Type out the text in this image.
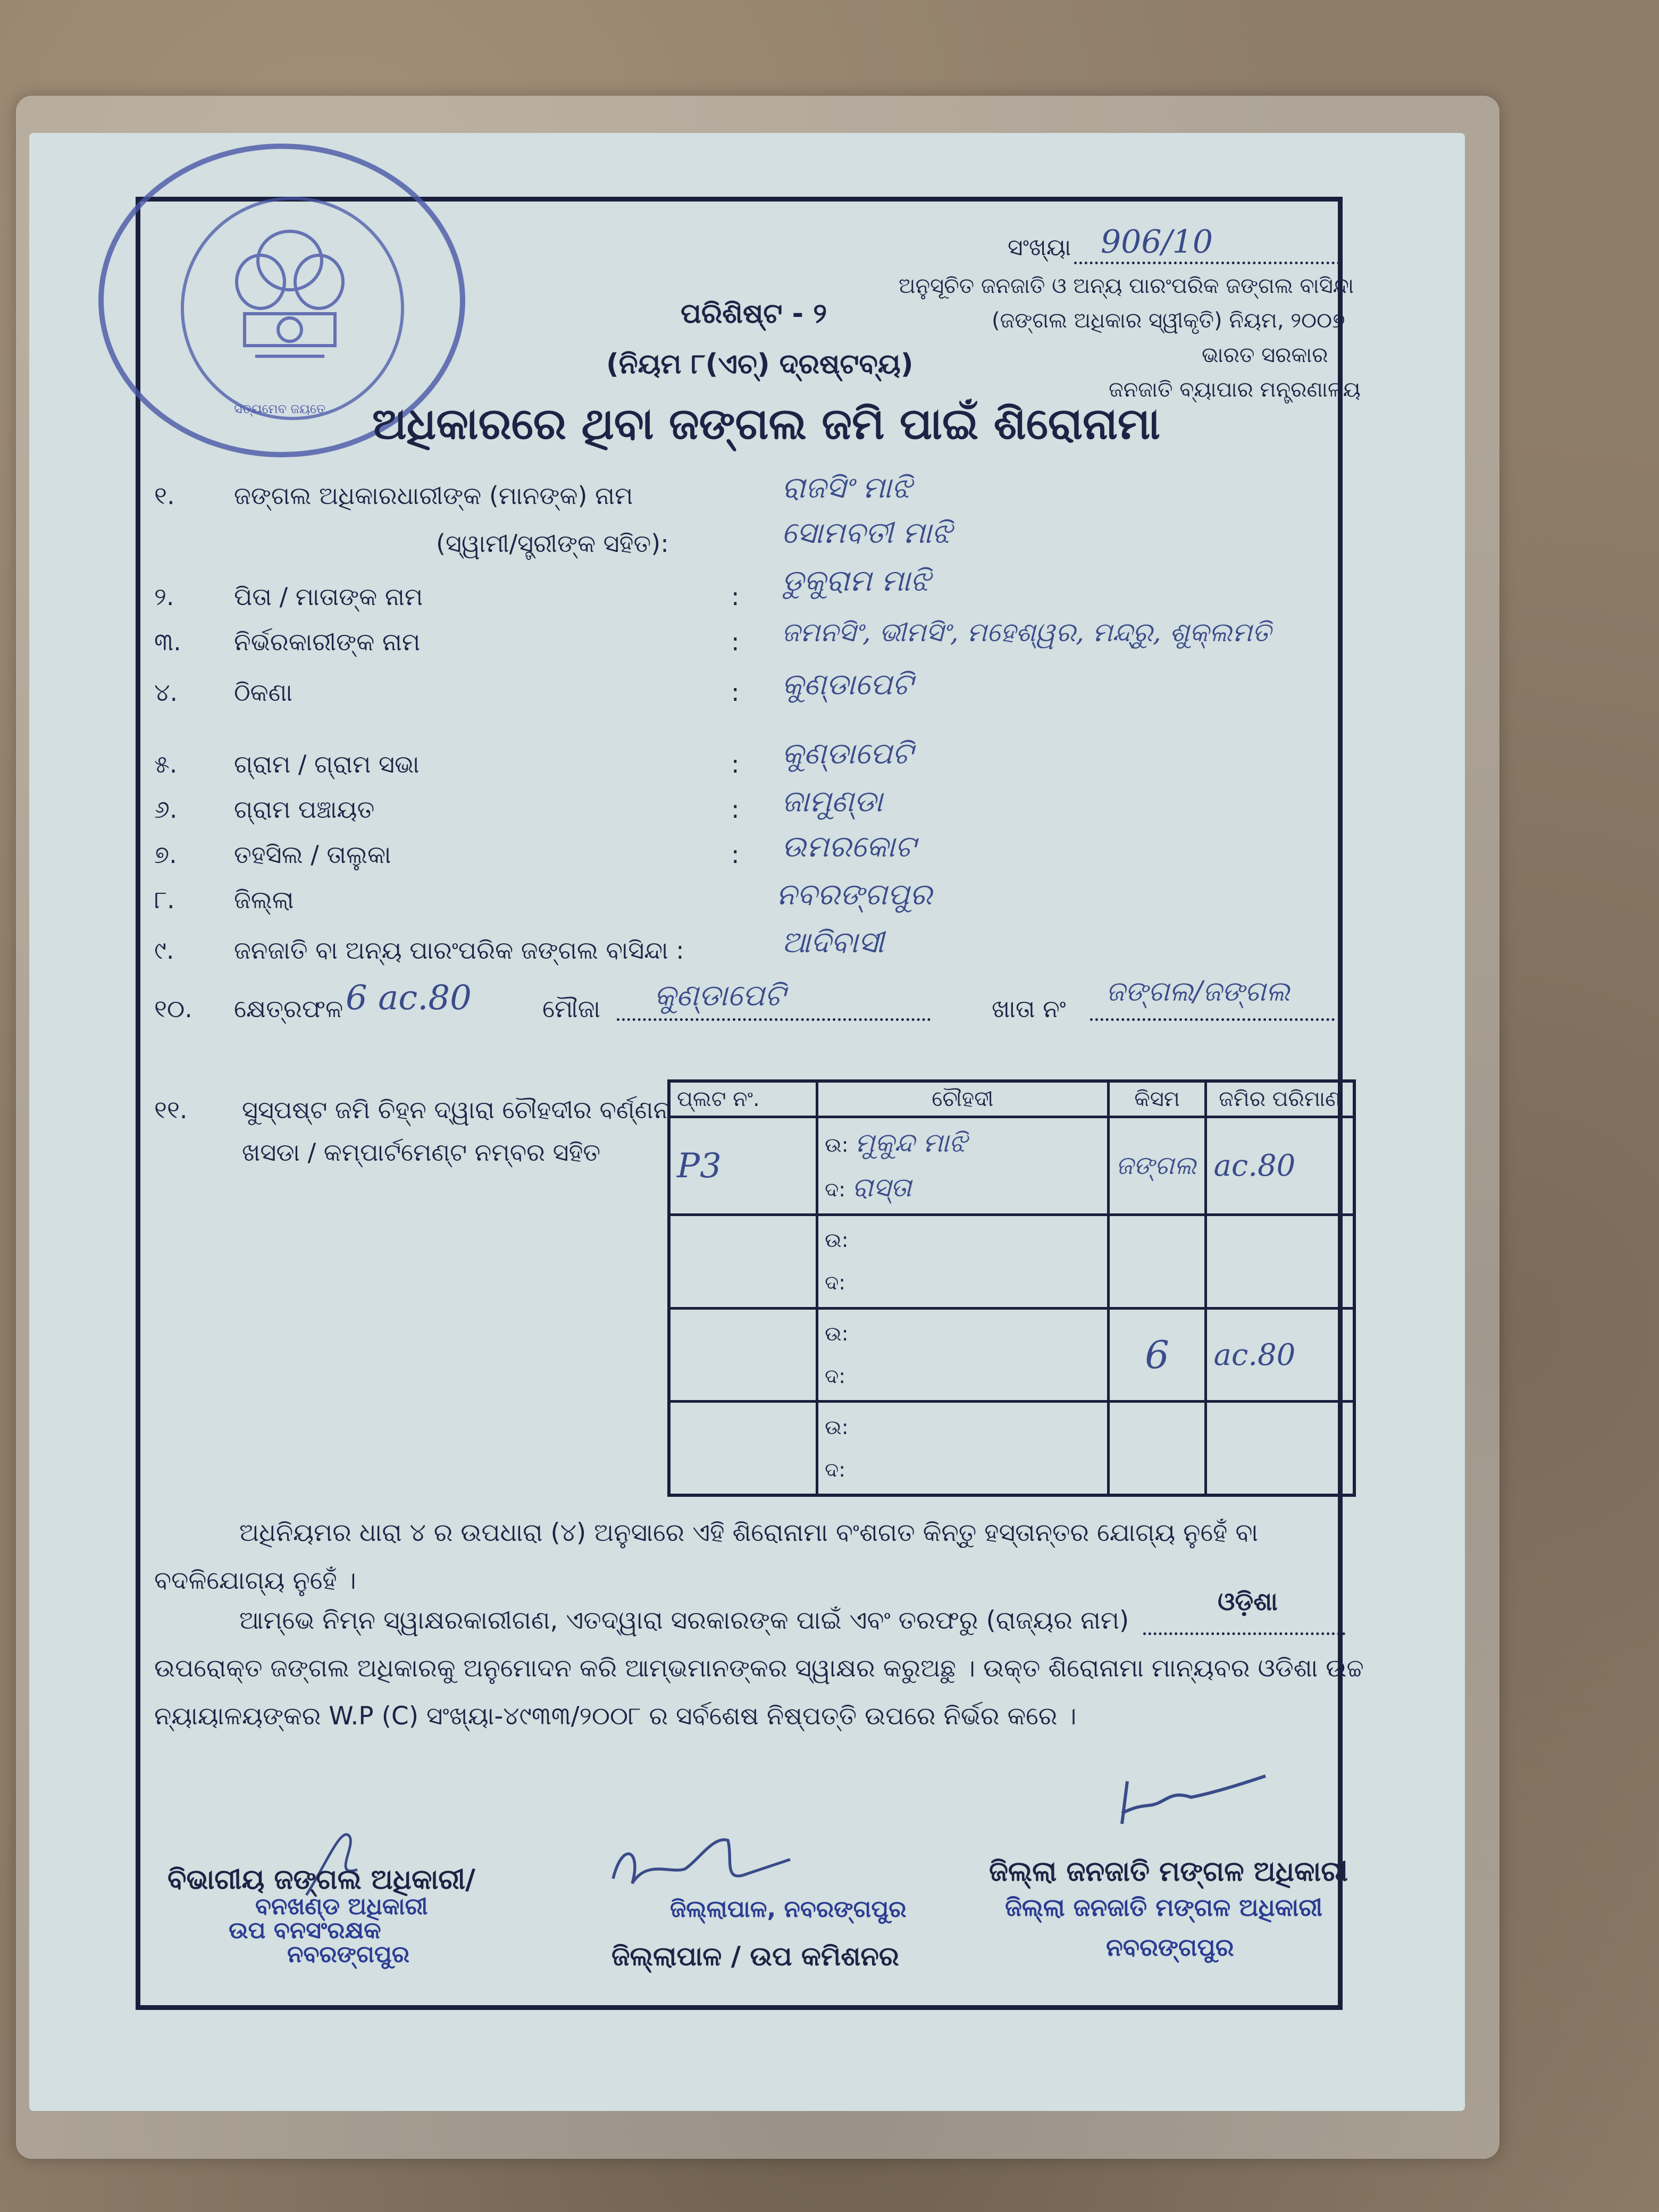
ସତ୍ୟମେବ ଜୟତେ
ସଂଖ୍ୟା 906/10
ଅନୁସୂଚିତ ଜନଜାତି ଓ ଅନ୍ୟ ପାରଂପରିକ ଜଙ୍ଗଲ ବାସିନ୍ଦା
(ଜଙ୍ଗଲ ଅଧିକାର ସ୍ୱୀକୃତି) ନିୟମ, ୨୦୦୭
ଭାରତ ସରକାର
ଜନଜାତି ବ୍ୟାପାର ମନ୍ତ୍ରଣାଳୟ
ପରିଶିଷ୍ଟ - ୨
(ନିୟମ ୮(ଏଚ୍) ଦ୍ରଷ୍ଟବ୍ୟ)
ଅଧିକାରରେ ଥିବା ଜଙ୍ଗଲ ଜମି ପାଇଁ ଶିରୋନାମା
୧. ଜଙ୍ଗଲ ଅଧିକାରଧାରୀଙ୍କ (ମାନଙ୍କ) ନାମ
(ସ୍ୱାମୀ/ସ୍ତ୍ରୀଙ୍କ ସହିତ):
ରାଜସିଂ ମାଝି
ସୋମବତୀ ମାଝି
୨. ପିତା / ମାତାଙ୍କ ନାମ	: ଡୁକୁରାମ ମାଝି
୩. ନିର୍ଭରକାରୀଙ୍କ ନାମ	: ଜମନସିଂ, ଭୀମସିଂ, ମହେଶ୍ୱର, ମନ୍ଦ୍ରୁ, ଶୁକ୍ଲମତି
୪. ଠିକଣା	: କୁଣ୍ଡାପେଟି
୫. ଗ୍ରାମ / ଗ୍ରାମ ସଭା	: କୁଣ୍ଡାପେଟି
୬. ଗ୍ରାମ ପଞ୍ଚାୟତ	: ଜାମୁଣ୍ଡା
୭. ତହସିଲ / ତାଲୁକା	: ଉମରକୋଟ
୮. ଜିଲ୍ଲା	ନବରଙ୍ଗପୁର
୯. ଜନଜାତି ବା ଅନ୍ୟ ପାରଂପରିକ ଜଙ୍ଗଲ ବାସିନ୍ଦା :	ଆଦିବାସୀ
୧୦. କ୍ଷେତ୍ରଫଳ 6 ac.80	ମୌଜା କୁଣ୍ଡାପେଟି	ଖାତା ନଂ
ଜଙ୍ଗଲ/ଜଙ୍ଗଲ
୧୧. ସୁସ୍ପଷ୍ଟ ଜମି ଚିହ୍ନ ଦ୍ୱାରା ଚୌହଦୀର ବର୍ଣ୍ଣନା
ଖସଡା / କମ୍ପାର୍ଟମେଣ୍ଟ ନମ୍ବର ସହିତ
ପ୍ଲଟ ନଂ.	ଚୌହଦୀ	କିସମ	ଜମିର ପରିମାଣ
P3	ଉ: ମୁକୁନ୍ଦ ମାଝି
ଦ: ରାସ୍ତା	ଜଙ୍ଗଲ	ac.80

	ଉ:
ଦ:		

	ଉ:
ଦ:	6	ac.80

	ଉ:
ଦ:		

ଅଧିନିୟମର ଧାରା ୪ ର ଉପଧାରା (୪) ଅନୁସାରେ ଏହି ଶିରୋନାମା ବଂଶଗତ କିନ୍ତୁ ହସ୍ତାନ୍ତର ଯୋଗ୍ୟ ନୁହେଁ ବା
ବଦଳିଯୋଗ୍ୟ ନୁହେଁ ।
ଆମ୍ଭେ ନିମ୍ନ ସ୍ୱାକ୍ଷରକାରୀଗଣ, ଏତଦ୍ୱାରା ସରକାରଙ୍କ ପାଇଁ ଏବଂ ତରଫରୁ (ରାଜ୍ୟର ନାମ)
ଓଡ଼ିଶା
ଉପରୋକ୍ତ ଜଙ୍ଗଲ ଅଧିକାରକୁ ଅନୁମୋଦନ କରି ଆମ୍ଭମାନଙ୍କର ସ୍ୱାକ୍ଷର କରୁଅଛୁ । ଉକ୍ତ ଶିରୋନାମା ମାନ୍ୟବର ଓଡିଶା ଉଚ୍ଚ
ନ୍ୟାୟାଳୟଙ୍କର W.P (C) ସଂଖ୍ୟା-୪୯୩୩/୨୦୦୮ ର ସର୍ବଶେଷ ନିଷ୍ପତ୍ତି ଉପରେ ନିର୍ଭର କରେ ।
ବିଭାଗୀୟ ଜଙ୍ଗଲ ଅଧିକାରୀ/
ବନଖଣ୍ଡ ଅଧିକାରୀ
ଉପ ବନସଂରକ୍ଷକ
ନବରଙ୍ଗପୁର
ଜିଲ୍ଲାପାଳ, ନବରଙ୍ଗପୁର
ଜିଲ୍ଲାପାଳ / ଉପ କମିଶନର
ଜିଲ୍ଲା ଜନଜାତି ମଙ୍ଗଳ ଅଧିକାରୀ
ଜିଲ୍ଲା ଜନଜାତି ମଙ୍ଗଳ ଅଧିକାରୀ
ନବରଙ୍ଗପୁର
